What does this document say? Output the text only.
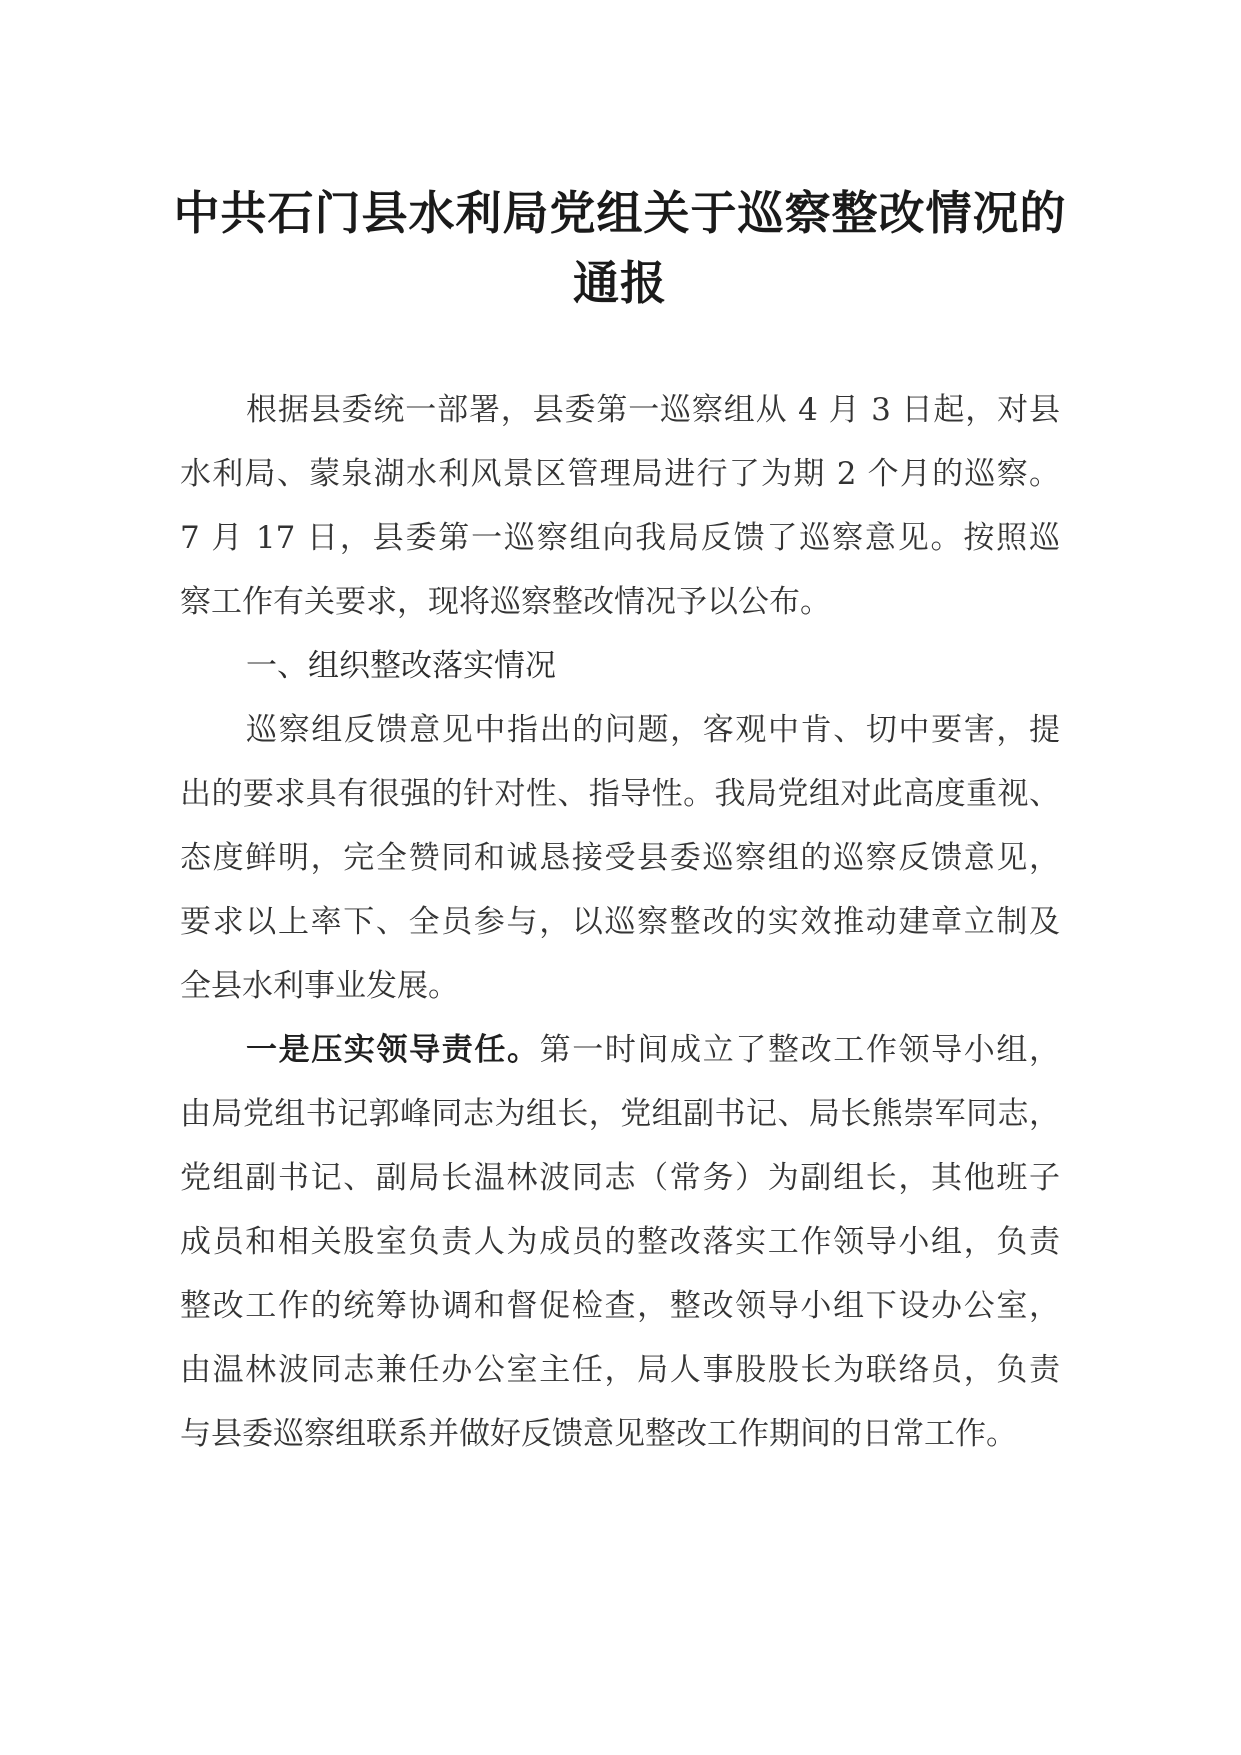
中共石门县水利局党组关于巡察整改情况的
通报
根据县委统一部署，县委第一巡察组从 4 月 3 日起，对县
水利局、蒙泉湖水利风景区管理局进行了为期 2 个月的巡察。
7 月 17 日，县委第一巡察组向我局反馈了巡察意见。按照巡
察工作有关要求，现将巡察整改情况予以公布。
一、组织整改落实情况
巡察组反馈意见中指出的问题，客观中肯、切中要害，提
出的要求具有很强的针对性、指导性。我局党组对此高度重视、
态度鲜明，完全赞同和诚恳接受县委巡察组的巡察反馈意见，
要求以上率下、全员参与，以巡察整改的实效推动建章立制及
全县水利事业发展。
一是压实领导责任。第一时间成立了整改工作领导小组，
由局党组书记郭峰同志为组长，党组副书记、局长熊崇军同志，
党组副书记、副局长温林波同志（常务）为副组长，其他班子
成员和相关股室负责人为成员的整改落实工作领导小组，负责
整改工作的统筹协调和督促检查，整改领导小组下设办公室，
由温林波同志兼任办公室主任，局人事股股长为联络员，负责
与县委巡察组联系并做好反馈意见整改工作期间的日常工作。
